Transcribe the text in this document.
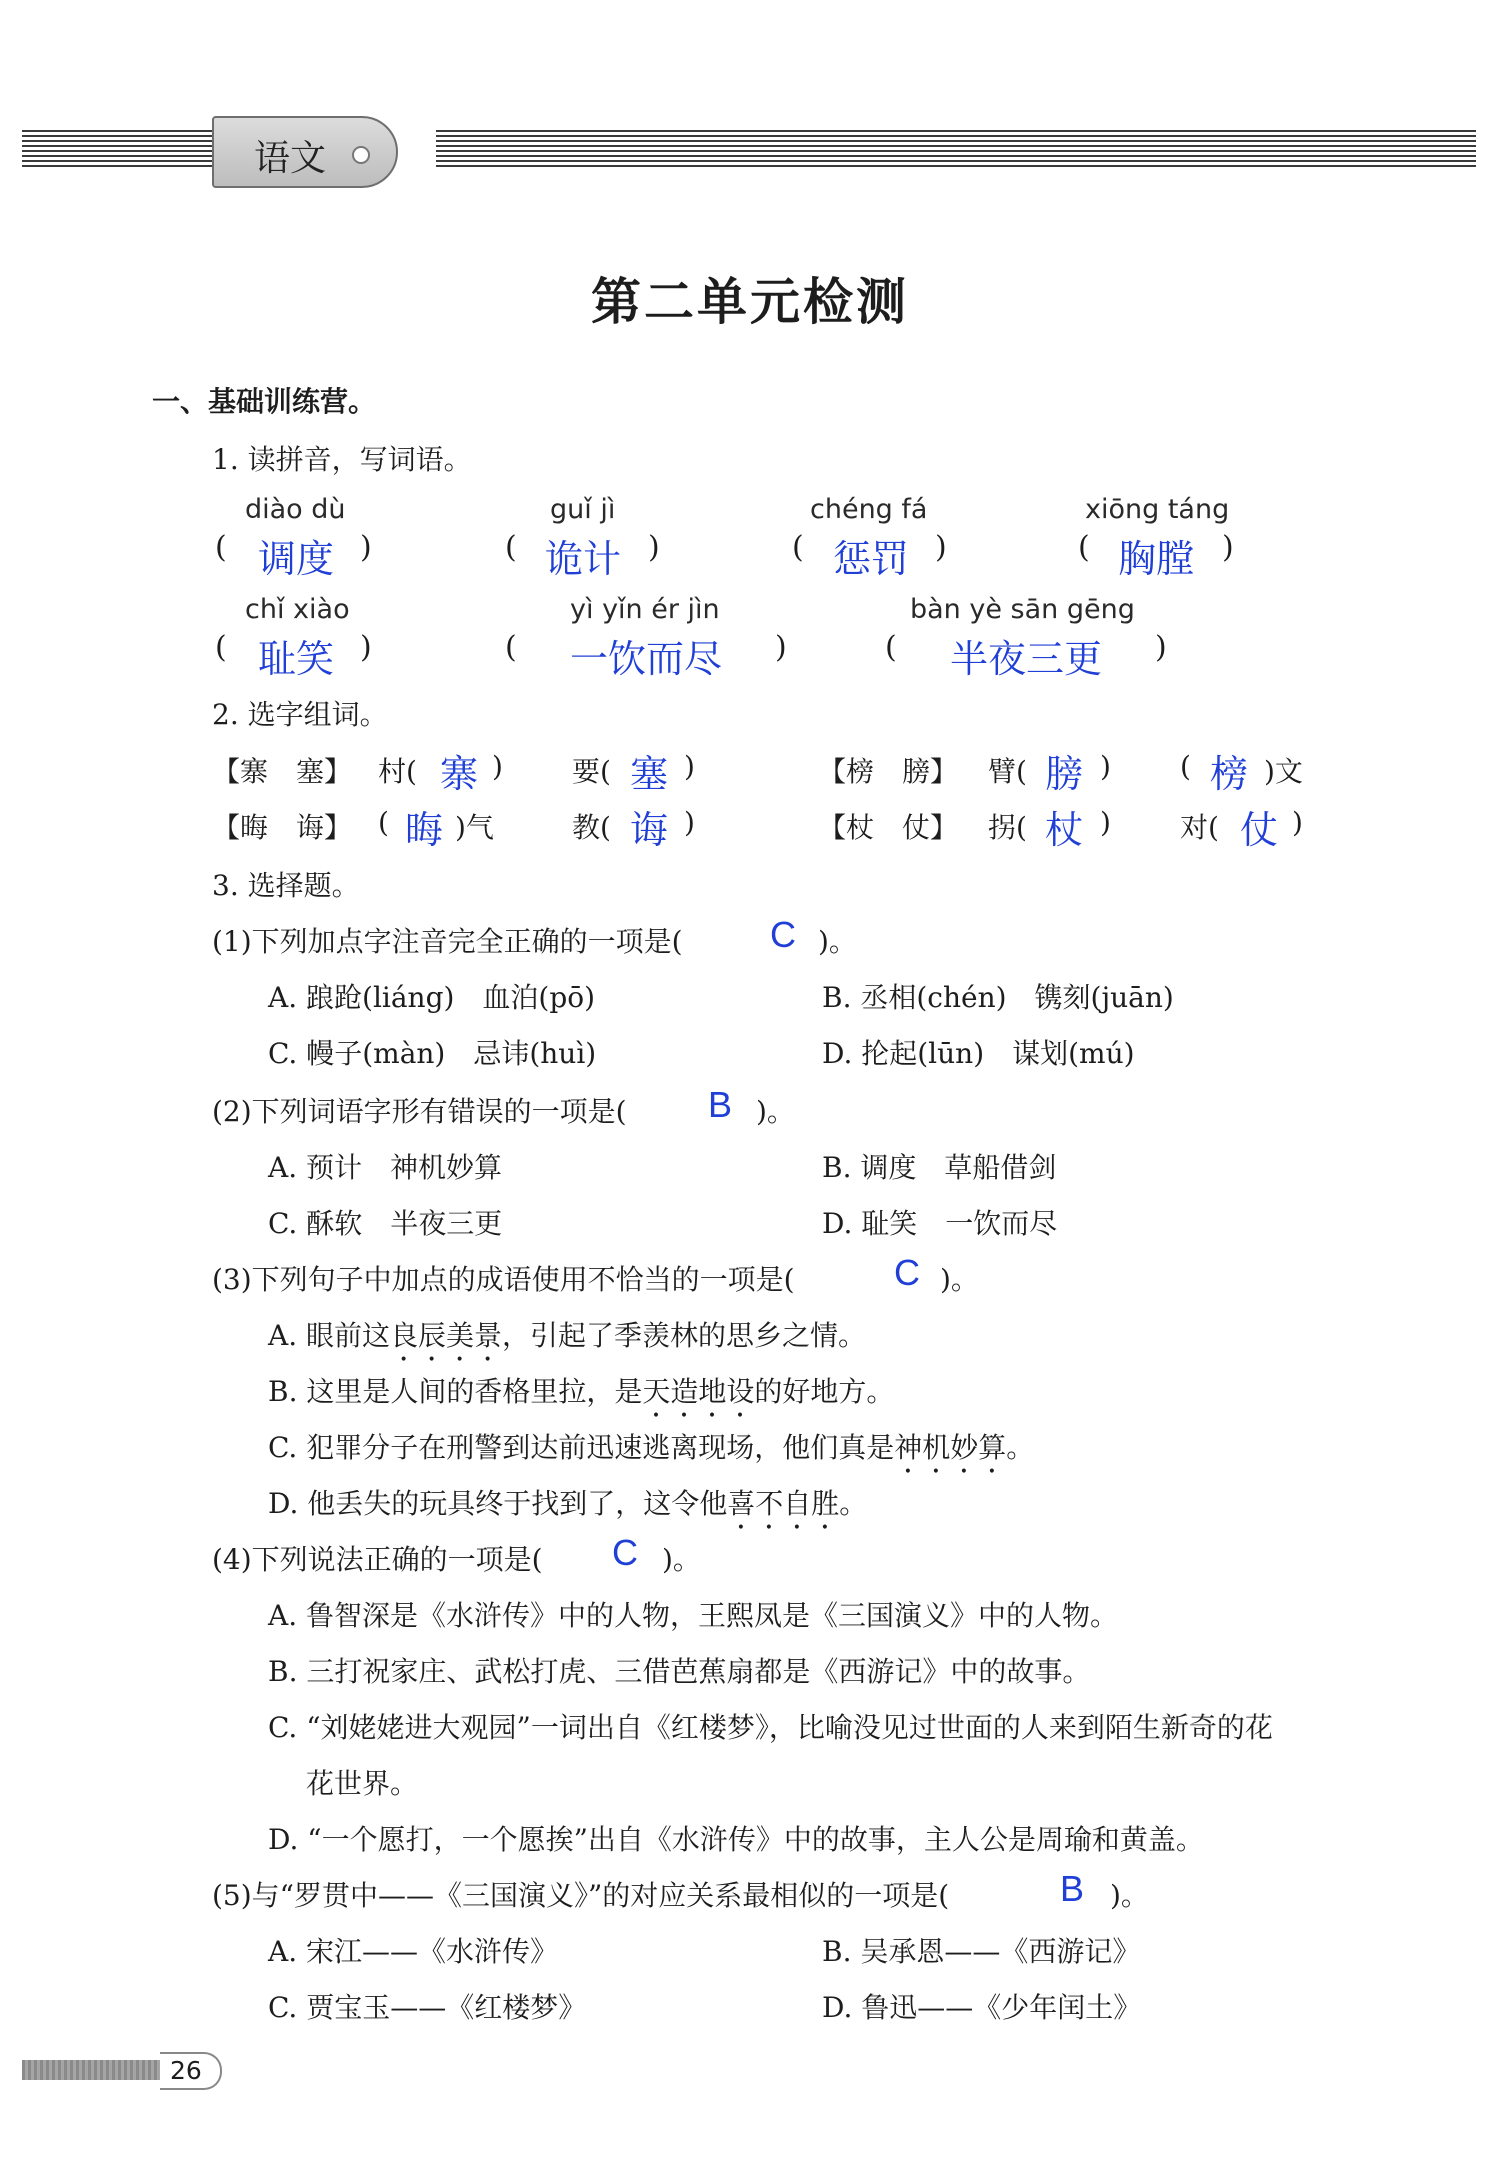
语文
第二单元检测
一、基础训练营。
1. 读拼音，写词语。
diào dù	guǐ jì	chéng fá	xiōng táng
( 调度 )	( 诡计 )	( 惩罚 )	( 胸膛 )
chǐ xiào	yì yǐn ér jìn	bàn yè sān gēng
( 耻笑 )	( 一饮而尽 )	( 半夜三更 )
2. 选字组词。
【寨　塞】 村( 寨 ) 要( 塞 )	【榜　膀】 臂( 膀 ) ( 榜 )文
【晦　诲】 ( 晦 )气	教( 诲 )	【杖　仗】 拐( 杖 ) 对( 仗 )
3. 选择题。
(1)下列加点字注音完全正确的一项是( C )。
A. 踉跄(liáng)　血泊(pō)	B. 丞相(chén)　镌刻(juān)
C. 幔子(màn)　忌讳(huì)	D. 抡起(lūn)　谋划(mú)
(2)下列词语字形有错误的一项是( B )。
A. 预计　神机妙算	B. 调度　草船借剑
C. 酥软　半夜三更	D. 耻笑　一饮而尽
(3)下列句子中加点的成语使用不恰当的一项是(	C )。
A. 眼前这良辰美景，引起了季羡林的思乡之情。
B. 这里是人间的香格里拉，是天造地设的好地方。
C. 犯罪分子在刑警到达前迅速逃离现场，他们真是神机妙算。
D. 他丢失的玩具终于找到了，这令他喜不自胜。
(4)下列说法正确的一项是( C )。
A. 鲁智深是《水浒传》中的人物，王熙凤是《三国演义》中的人物。
B. 三打祝家庄、武松打虎、三借芭蕉扇都是《西游记》中的故事。
C. “刘姥姥进大观园”一词出自《红楼梦》，比喻没见过世面的人来到陌生新奇的花
花世界。
D. “一个愿打，一个愿挨”出自《水浒传》中的故事，主人公是周瑜和黄盖。
(5)与“罗贯中——《三国演义》”的对应关系最相似的一项是(	B )。
A. 宋江——《水浒传》	B. 吴承恩——《西游记》
C. 贾宝玉——《红楼梦》	D. 鲁迅——《少年闰土》
26
